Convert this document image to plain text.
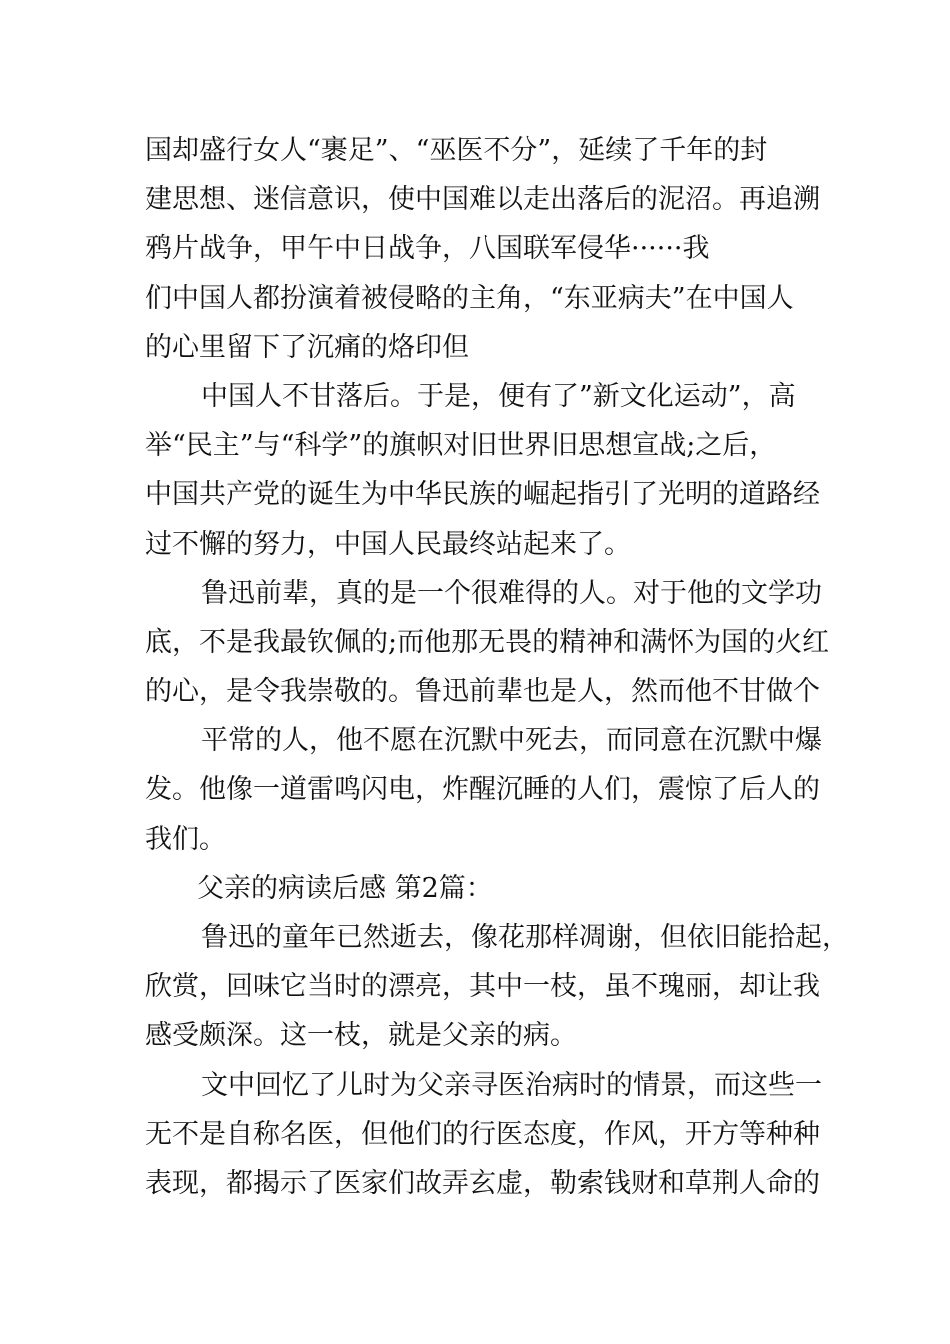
国却盛行女人“裹足”、“巫医不分”，延续了千年的封
建思想、迷信意识，使中国难以走出落后的泥沼。再追溯
鸦片战争，甲午中日战争，八国联军侵华······我
们中国人都扮演着被侵略的主角，“东亚病夫”在中国人
的心里留下了沉痛的烙印但
中国人不甘落后。于是，便有了”新文化运动”，高
举“民主”与“科学”的旗帜对旧世界旧思想宣战;之后，
中国共产党的诞生为中华民族的崛起指引了光明的道路经
过不懈的努力，中国人民最终站起来了。
鲁迅前辈，真的是一个很难得的人。对于他的文学功
底，不是我最钦佩的;而他那无畏的精神和满怀为国的火红
的心，是令我崇敬的。鲁迅前辈也是人，然而他不甘做个
平常的人，他不愿在沉默中死去，而同意在沉默中爆
发。他像一道雷鸣闪电，炸醒沉睡的人们，震惊了后人的
我们。
父亲的病读后感 第2篇：
鲁迅的童年已然逝去，像花那样凋谢，但依旧能拾起，
欣赏，回味它当时的漂亮，其中一枝，虽不瑰丽，却让我
感受颇深。这一枝，就是父亲的病。
文中回忆了儿时为父亲寻医治病时的情景，而这些一
无不是自称名医，但他们的行医态度，作风，开方等种种
表现，都揭示了医家们故弄玄虚，勒索钱财和草荆人命的
